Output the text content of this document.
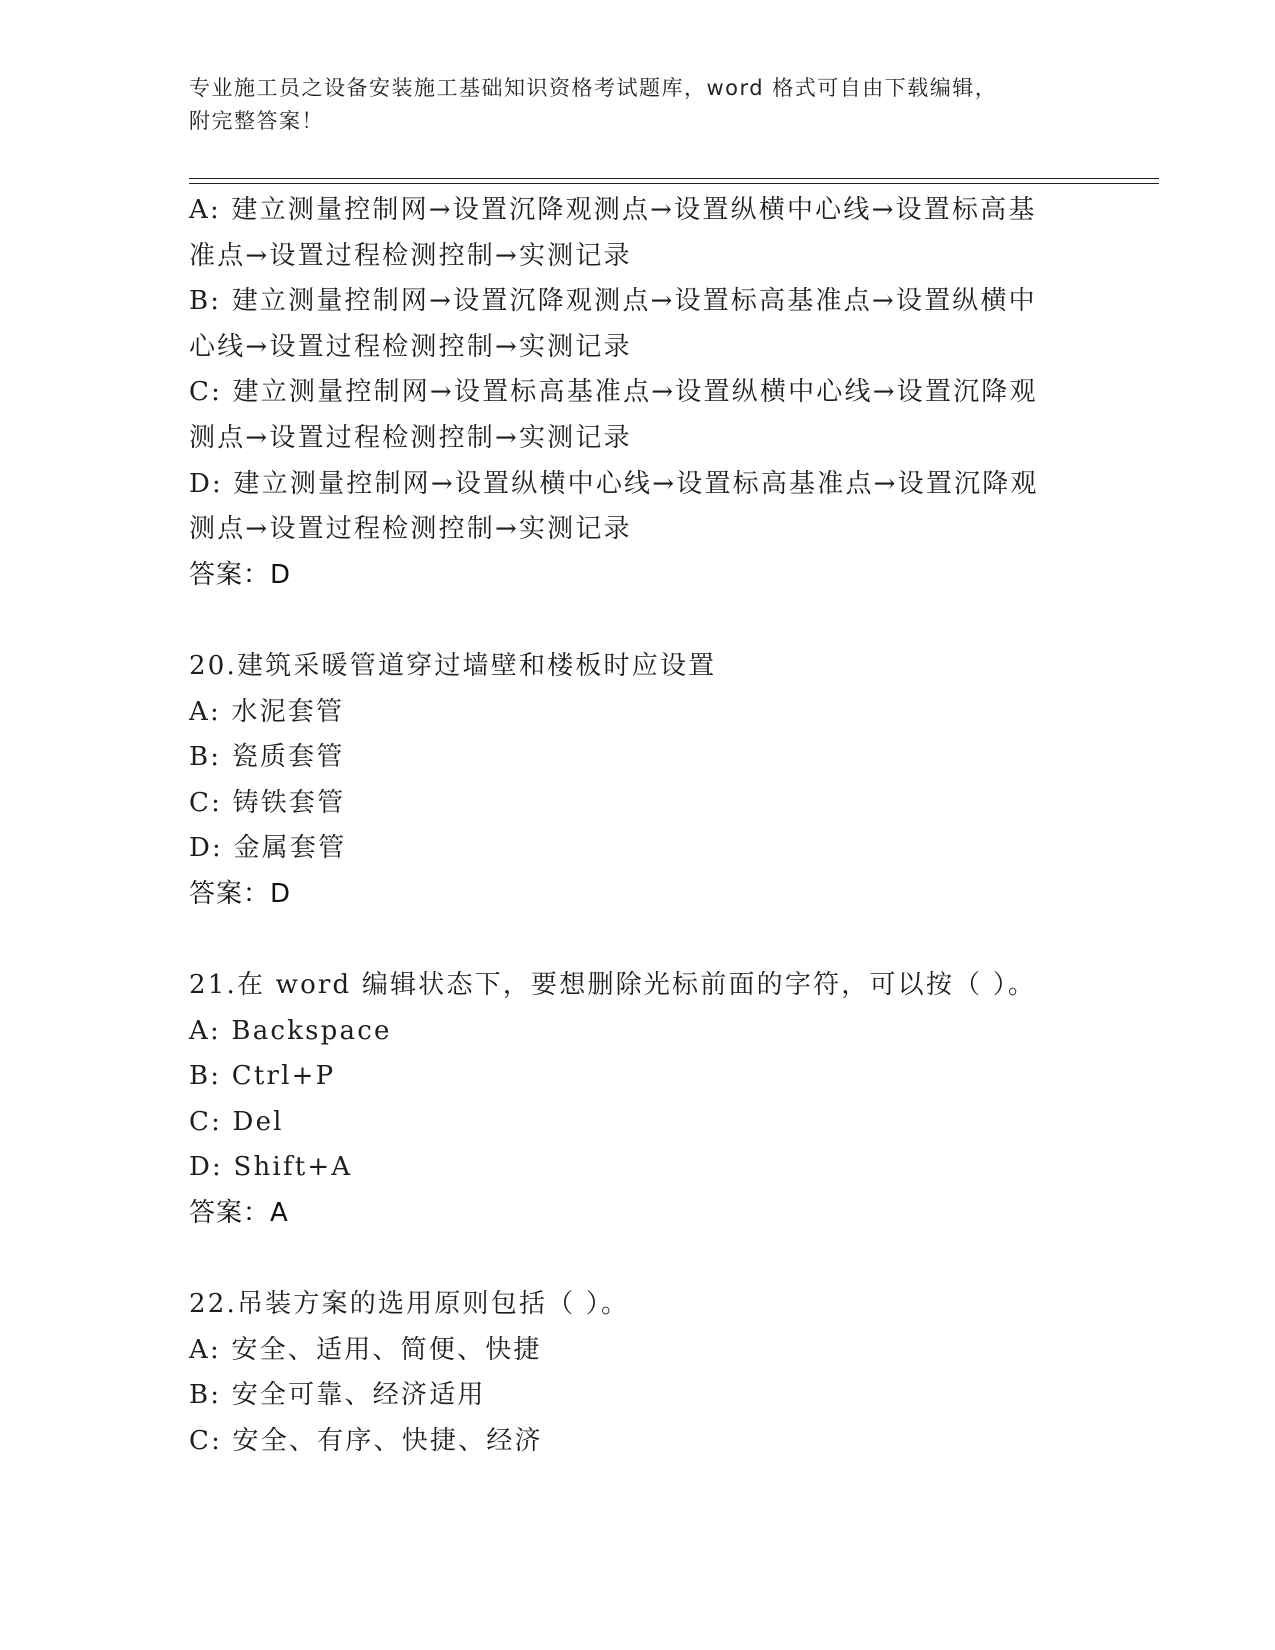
专业施工员之设备安装施工基础知识资格考试题库，word 格式可自由下载编辑，
附完整答案！
A: 建立测量控制网→设置沉降观测点→设置纵横中心线→设置标高基
准点→设置过程检测控制→实测记录
B: 建立测量控制网→设置沉降观测点→设置标高基准点→设置纵横中
心线→设置过程检测控制→实测记录
C: 建立测量控制网→设置标高基准点→设置纵横中心线→设置沉降观
测点→设置过程检测控制→实测记录
D: 建立测量控制网→设置纵横中心线→设置标高基准点→设置沉降观
测点→设置过程检测控制→实测记录
答案：D
20.建筑采暖管道穿过墙壁和楼板时应设置
A: 水泥套管
B: 瓷质套管
C: 铸铁套管
D: 金属套管
答案：D
21.在 word 编辑状态下，要想删除光标前面的字符，可以按（ ）。
A: Backspace
B: Ctrl+P
C: Del
D: Shift+A
答案：A
22.吊装方案的选用原则包括（ ）。
A: 安全、适用、简便、快捷
B: 安全可靠、经济适用
C: 安全、有序、快捷、经济
